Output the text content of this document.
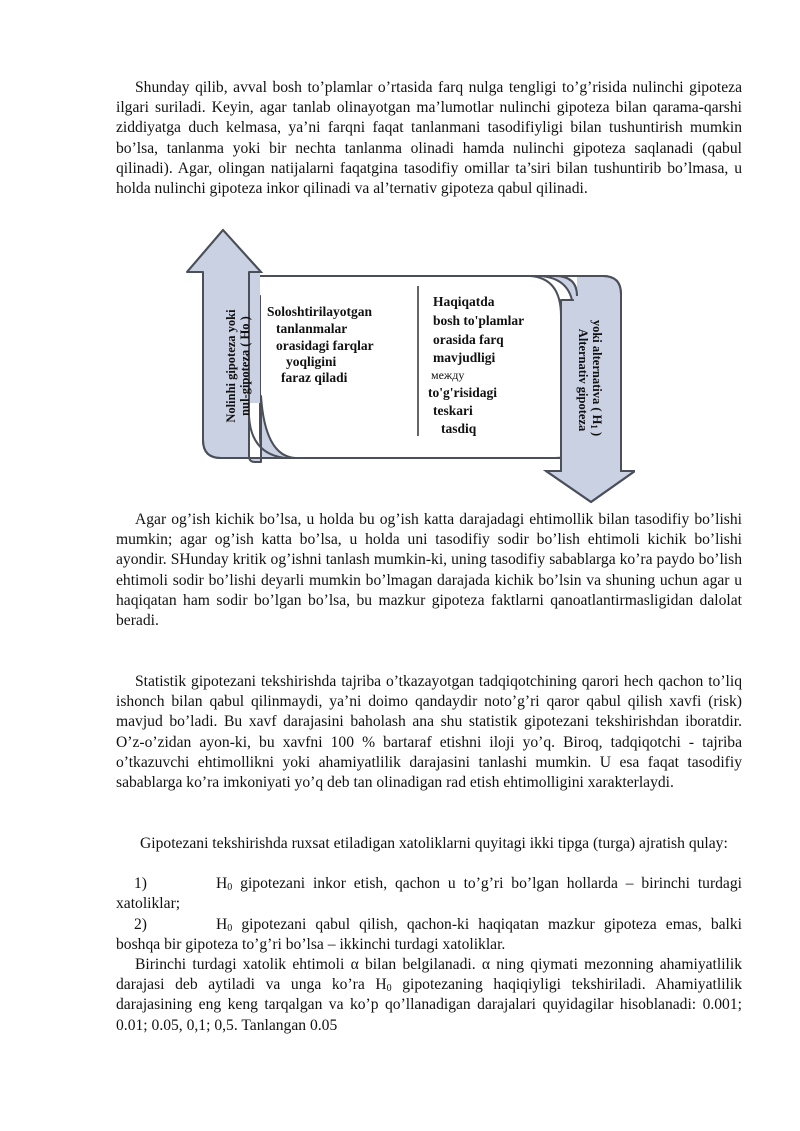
Shunday qilib, avval bosh to’plamlar o’rtasida farq nulga tengligi to’g’risida nulinchi gipoteza ilgari suriladi. Keyin, agar tanlab olinayotgan ma’lumotlar nulinchi gipoteza bilan qarama-qarshi ziddiyatga duch kelmasa, ya’ni farqni faqat tanlanmani tasodifiyligi bilan tushuntirish mumkin bo’lsa, tanlanma yoki bir nechta tanlanma olinadi hamda nulinchi gipoteza saqlanadi (qabul qilinadi). Agar, olingan natijalarni faqatgina tasodifiy omillar ta’siri bilan tushuntirib bo’lmasa, u holda nulinchi gipoteza inkor qilinadi va al’ternativ gipoteza qabul qilinadi.

Nolinhi gipoteza yoki nul-gipoteza ( Ho )	Alternativ gipoteza yoki alternativa ( H1 )
Soloshtirilayotgan
tanlanmalar
orasidagi farqlar
yoqligini
faraz qiladi
Haqiqatda
bosh to'plamlar
orasida farq
mavjudligi
между
to'g'risidagi
teskari
tasdiq

Agar og’ish kichik bo’lsa, u holda bu og’ish katta darajadagi ehtimollik bilan tasodifiy bo’lishi mumkin; agar og’ish katta bo’lsa, u holda uni tasodifiy sodir bo’lish ehtimoli kichik bo’lishi ayondir. SHunday kritik og’ishni tanlash mumkin-ki, uning tasodifiy sabablarga ko’ra paydo bo’lish ehtimoli sodir bo’lishi deyarli mumkin bo’lmagan darajada kichik bo’lsin va shuning uchun agar u haqiqatan ham sodir bo’lgan bo’lsa, bu mazkur gipoteza faktlarni qanoatlantirmasligidan dalolat beradi.

Statistik gipotezani tekshirishda tajriba o’tkazayotgan tadqiqotchining qarori hech qachon to’liq ishonch bilan qabul qilinmaydi, ya’ni doimo qandaydir noto’g’ri qaror qabul qilish xavfi (risk) mavjud bo’ladi. Bu xavf darajasini baholash ana shu statistik gipotezani tekshirishdan iboratdir. O’z-o’zidan ayon-ki, bu xavfni 100 % bartaraf etishni iloji yo’q. Biroq, tadqiqotchi - tajriba o’tkazuvchi ehtimollikni yoki ahamiyatlilik darajasini tanlashi mumkin. U esa faqat tasodifiy sabablarga ko’ra imkoniyati yo’q deb tan olinadigan rad etish ehtimolligini xarakterlaydi.

Gipotezani tekshirishda ruxsat etiladigan xatoliklarni quyitagi ikki tipga (turga) ajratish qulay:

1)	$H_0$ gipotezani inkor etish, qachon u to’g’ri bo’lgan hollarda – birinchi turdagi xatoliklar;

2)	$H_0$ gipotezani qabul qilish, qachon-ki haqiqatan mazkur gipoteza emas, balki boshqa bir gipoteza to’g’ri bo’lsa – ikkinchi turdagi xatoliklar.

Birinchi turdagi xatolik ehtimoli α bilan belgilanadi. α ning qiymati mezonning ahamiyatlilik darajasi deb aytiladi va unga ko’ra $H_0$ gipotezaning haqiqiyligi tekshiriladi. Ahamiyatlilik darajasining eng keng tarqalgan va ko’p qo’llanadigan darajalari quyidagilar hisoblanadi: 0.001; 0.01; 0.05, 0,1; 0,5. Tanlangan 0.05
